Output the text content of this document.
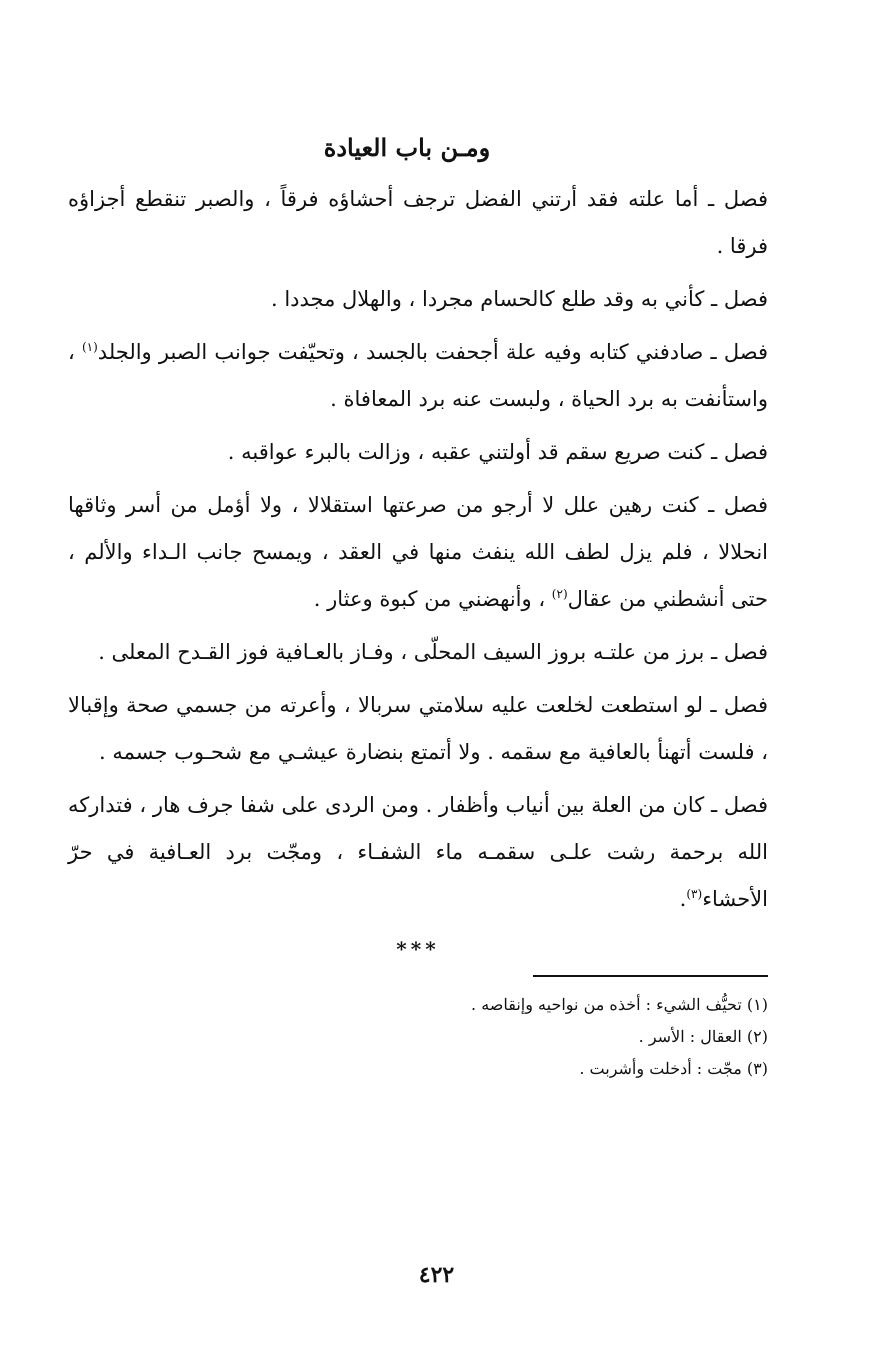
ومـن باب العيادة

فصل ـ أما علته فقد أرتني الفضل ترجف أحشاؤه فرقاً ، والصبر تنقطع أجزاؤه فرقا .

فصل ـ كأني به وقد طلع كالحسام مجردا ، والهلال مجددا .

فصل ـ صادفني كتابه وفيه علة أجحفت بالجسد ، وتحيّفت جوانب الصبر والجلد$^{(١)}$ ، واستأنفت به برد الحياة ، ولبست عنه برد المعافاة .

فصل ـ كنت صريع سقم قد أولتني عقبه ، وزالت بالبرء عواقبه .

فصل ـ كنت رهين علل لا أرجو من صرعتها استقلالا ، ولا أؤمل من أسر وثاقها انحلالا ، فلم يزل لطف الله ينفث منها في العقد ، ويمسح جانب الـداء والألم ، حتى أنشطني من عقال$^{(٢)}$ ، وأنهضني من كبوة وعثار .

فصل ـ برز من علتـه بروز السيف المحلّى ، وفـاز بالعـافية فوز القـدح المعلى .

فصل ـ لو استطعت لخلعت عليه سلامتي سربالا ، وأعرته من جسمي صحة وإقبالا ، فلست أتهنأ بالعافية مع سقمه . ولا أتمتع بنضارة عيشـي مع شحـوب جسمه .

فصل ـ كان من العلة بين أنياب وأظفار . ومن الردى على شفا جرف هار ، فتداركه الله برحمة رشت علـى سقمـه ماء الشفـاء ، ومجّت برد العـافية في حرّ الأحشاء$^{(٣)}$.

***
(١) تحيُّف الشيء : أخذه من نواحيه وإنقاصه .
(٢) العقال : الأسر .
(٣) مجّت : أدخلت وأشربت .
٤٢٢
